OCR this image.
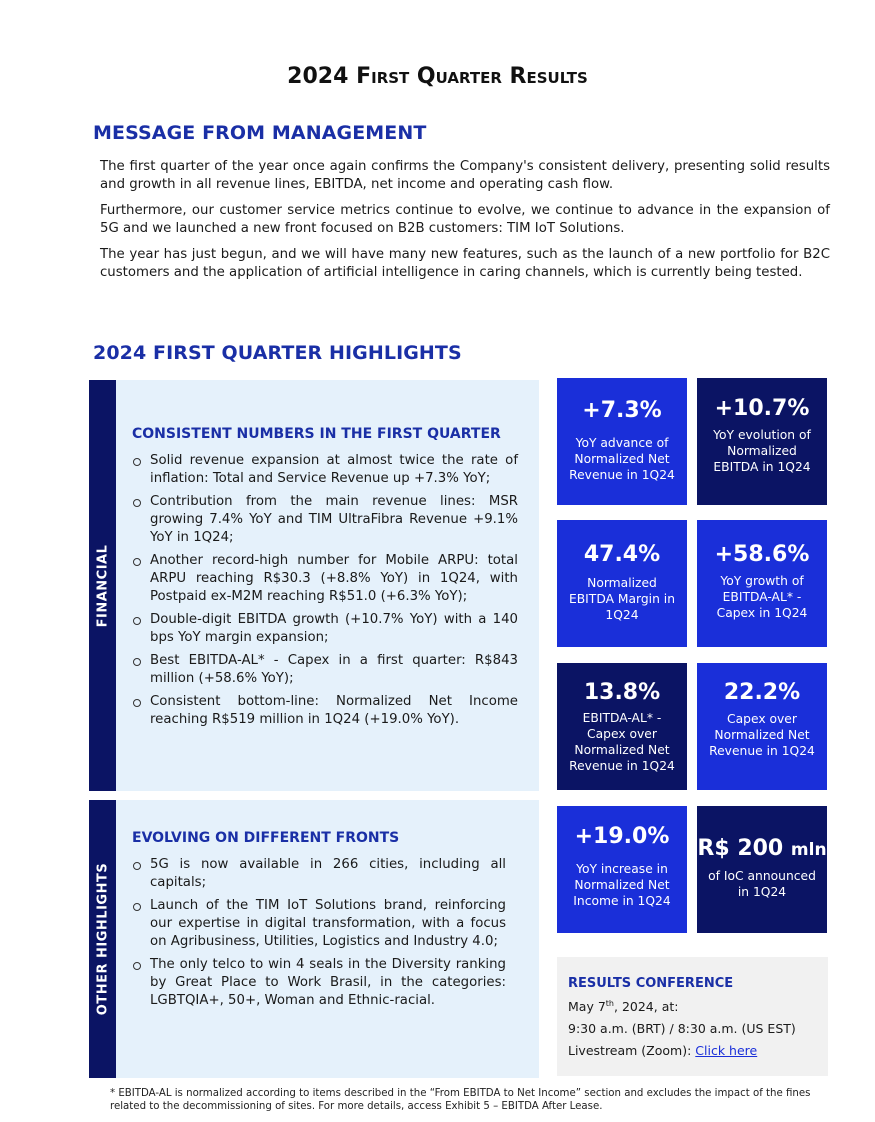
2024 First Quarter Results
MESSAGE FROM MANAGEMENT

The first quarter of the year once again confirms the Company's consistent delivery, presenting solid results and growth in all revenue lines, EBITDA, net income and operating cash flow.

Furthermore, our customer service metrics continue to evolve, we continue to advance in the expansion of 5G and we launched a new front focused on B2B customers: TIM IoT Solutions.

The year has just begun, and we will have many new features, such as the launch of a new portfolio for B2C customers and the application of artificial intelligence in caring channels, which is currently being tested.

2024 FIRST QUARTER HIGHLIGHTS
FINANCIAL
CONSISTENT NUMBERS IN THE FIRST QUARTER
Solid revenue expansion at almost twice the rate of inflation: Total and Service Revenue up +7.3% YoY;
Contribution from the main revenue lines: MSR growing 7.4% YoY and TIM UltraFibra Revenue +9.1% YoY in 1Q24;
Another record-high number for Mobile ARPU: total ARPU reaching R$30.3 (+8.8% YoY) in 1Q24, with Postpaid ex-M2M reaching R$51.0 (+6.3% YoY);
Double-digit EBITDA growth (+10.7% YoY) with a 140 bps YoY margin expansion;
Best EBITDA-AL* - Capex in a first quarter: R$843 million (+58.6% YoY);
Consistent bottom-line: Normalized Net Income reaching R$519 million in 1Q24 (+19.0% YoY).
OTHER HIGHLIGHTS
EVOLVING ON DIFFERENT FRONTS
5G is now available in 266 cities, including all capitals;
Launch of the TIM IoT Solutions brand, reinforcing our expertise in digital transformation, with a focus on Agribusiness, Utilities, Logistics and Industry 4.0;
The only telco to win 4 seals in the Diversity ranking by Great Place to Work Brasil, in the categories: LGBTQIA+, 50+, Woman and Ethnic-racial.
+7.3%
YoY advance of Normalized Net Revenue in 1Q24
+10.7%
YoY evolution of Normalized EBITDA in 1Q24
47.4%
Normalized EBITDA Margin in 1Q24
+58.6%
YoY growth of EBITDA-AL* - Capex in 1Q24
13.8%
EBITDA-AL* - Capex over Normalized Net Revenue in 1Q24
22.2%
Capex over Normalized Net Revenue in 1Q24
+19.0%
YoY increase in Normalized Net Income in 1Q24
R$ 200 mln
of IoC announced in 1Q24
RESULTS CONFERENCE
May 7th, 2024, at:
9:30 a.m. (BRT) / 8:30 a.m. (US EST)
Livestream (Zoom): Click here
* EBITDA-AL is normalized according to items described in the “From EBITDA to Net Income” section and excludes the impact of the fines related to the decommissioning of sites. For more details, access Exhibit 5 – EBITDA After Lease.
